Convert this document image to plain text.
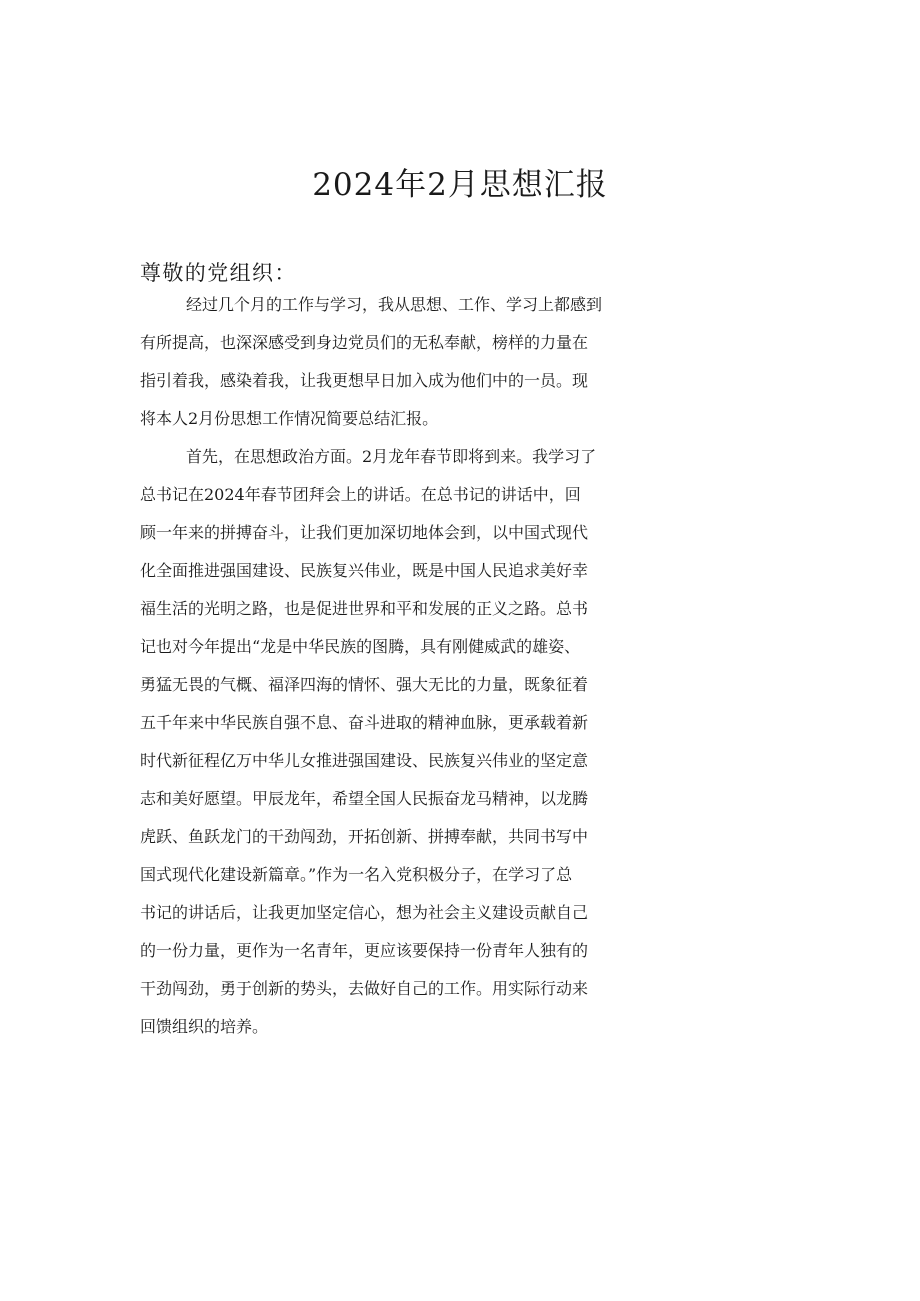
2024年2月思想汇报

尊敬的党组织：

经过几个月的工作与学习，我从思想、工作、学习上都感到
有所提高，也深深感受到身边党员们的无私奉献，榜样的力量在
指引着我，感染着我，让我更想早日加入成为他们中的一员。现
将本人2月份思想工作情况简要总结汇报。
首先，在思想政治方面。2月龙年春节即将到来。我学习了
总书记在2024年春节团拜会上的讲话。在总书记的讲话中，回
顾一年来的拼搏奋斗，让我们更加深切地体会到，以中国式现代
化全面推进强国建设、民族复兴伟业，既是中国人民追求美好幸
福生活的光明之路，也是促进世界和平和发展的正义之路。总书
记也对今年提出“龙是中华民族的图腾，具有刚健威武的雄姿、
勇猛无畏的气概、福泽四海的情怀、强大无比的力量，既象征着
五千年来中华民族自强不息、奋斗进取的精神血脉，更承载着新
时代新征程亿万中华儿女推进强国建设、民族复兴伟业的坚定意
志和美好愿望。甲辰龙年，希望全国人民振奋龙马精神，以龙腾
虎跃、鱼跃龙门的干劲闯劲，开拓创新、拼搏奉献，共同书写中
国式现代化建设新篇章。”作为一名入党积极分子，在学习了总
书记的讲话后，让我更加坚定信心，想为社会主义建设贡献自己
的一份力量，更作为一名青年，更应该要保持一份青年人独有的
干劲闯劲，勇于创新的势头，去做好自己的工作。用实际行动来
回馈组织的培养。
